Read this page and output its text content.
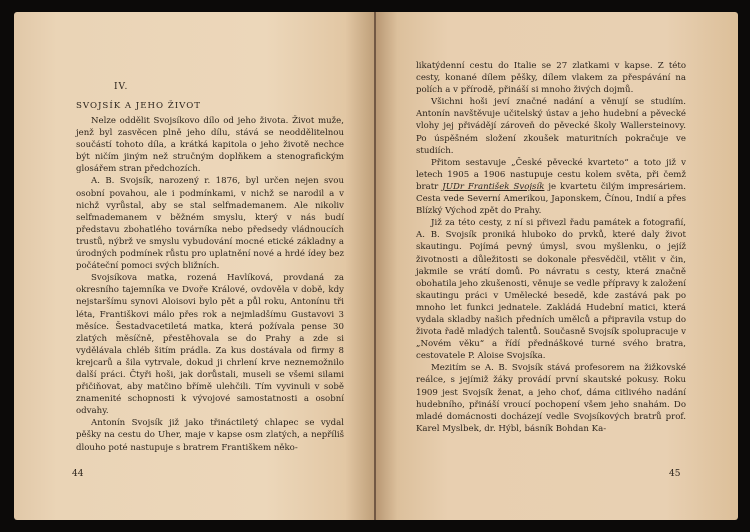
IV.
SVOJSÍK A JEHO ŽIVOT

Nelze oddělit Svojsíkovo dílo od jeho života. Život muže, jenž byl zasvěcen plně jeho dílu, stává se neoddělitelnou součástí tohoto díla, a krátká kapitola o jeho životě nechce být ničím jiným než stručným doplňkem a stenografickým glosářem stran předchozích.

A. B. Svojsík, narozený r. 1876, byl určen nejen svou osobní povahou, ale i podmínkami, v nichž se narodil a v nichž vyrůstal, aby se stal selfmademanem. Ale nikoliv selfmademanem v běžném smyslu, který v nás budí představu zbohatlého továrníka nebo předsedy vládnoucích trustů, nýbrž ve smyslu vybudování mocné etické základny a úrodných podmínek růstu pro uplatnění nové a hrdé ídey bez počáteční pomoci svých bližních.

Svojsíkova matka, rozená Havlíková, provdaná za okresního tajemníka ve Dvoře Králové, ovdověla v době, kdy nejstaršímu synovi Aloisovi bylo pět a půl roku, Antonínu tři léta, Františkovi málo přes rok a nejmladšímu Gustavovi 3 měsíce. Šestadvacetiletá matka, která požívala pense 30 zlatých měsíčně, přestěhovala se do Prahy a zde si vydělávala chléb šitím prádla. Za kus dostávala od firmy 8 krejcarů a šila vytrvale, dokud ji chrlení krve neznemožnilo další práci. Čtyři hoši, jak dorůstali, museli se všemi silami přičiňovat, aby matčino břímě ulehčili. Tím vyvinuli v sobě znamenité schopnosti k vývojové samostatnosti a osobní odvahy.

Antonín Svojsík již jako třináctiletý chlapec se vydal pěšky na cestu do Uher, maje v kapse osm zlatých, a nepříliš dlouho poté nastupuje s bratrem Františkem něko-

44

likatýdenní cestu do Italie se 27 zlatkami v kapse. Z této cesty, konané dílem pěšky, dílem vlakem za přespávání na polích a v přírodě, přináší si mnoho živých dojmů.

Všichni hoši jeví značné nadání a věnují se studiím. Antonín navštěvuje učitelský ústav a jeho hudební a pěvecké vlohy jej přivádějí zároveň do pěvecké školy Wallersteinovy. Po úspěšném složení zkoušek maturitních pokračuje ve studiích.

Přitom sestavuje „České pěvecké kvarteto“ a toto již v letech 1905 a 1906 nastupuje cestu kolem světa, při čemž bratr JUDr František Svojsík je kvartetu čilým impresáriem. Cesta vede Severní Amerikou, Japonskem, Čínou, Indií a přes Blízký Východ zpět do Prahy.

Již za této cesty, z ní si přivezl řadu památek a fotografií, A. B. Svojsík proniká hluboko do prvků, které daly život skautingu. Pojímá pevný úmysl, svou myšlenku, o jejíž životnosti a důležitosti se dokonale přesvědčil, vtělit v čin, jakmile se vrátí domů. Po návratu s cesty, která značně obohatila jeho zkušenosti, věnuje se vedle přípravy k založení skautingu práci v Umělecké besedě, kde zastává pak po mnoho let funkci jednatele. Zakládá Hudební matici, která vydala skladby našich předních umělců a připravila vstup do života řadě mladých talentů. Současně Svojsík spolupracuje v „Novém věku“ a řídí přednáškové turné svého bratra, cestovatele P. Aloise Svojsíka.

Mezitím se A. B. Svojsík stává profesorem na žižkovské reálce, s jejímiž žáky provádí první skautské pokusy. Roku 1909 jest Svojsík ženat, a jeho choť, dáma citlivého nadání hudebního, přináší vroucí pochopení všem jeho snahám. Do mladé domácnosti docházejí vedle Svojsíkových bratrů prof. Karel Myslbek, dr. Hýbl, básník Bohdan Ka-

45
